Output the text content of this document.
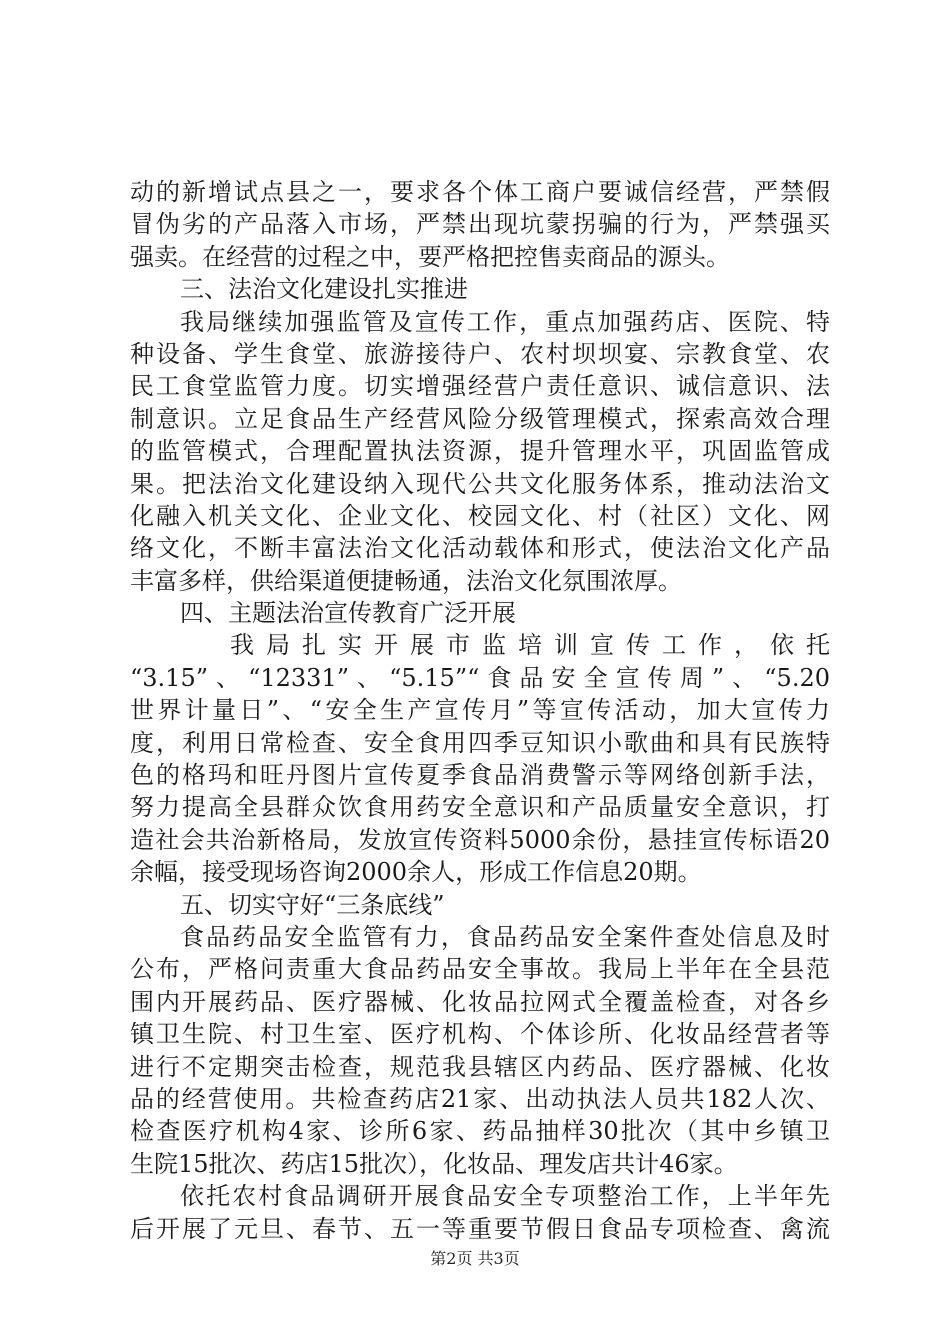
动的新增试点县之一，要求各个体工商户要诚信经营，严禁假
冒伪劣的产品落入市场，严禁出现坑蒙拐骗的行为，严禁强买
强卖。在经营的过程之中，要严格把控售卖商品的源头。
三、法治文化建设扎实推进
我局继续加强监管及宣传工作，重点加强药店、医院、特
种设备、学生食堂、旅游接待户、农村坝坝宴、宗教食堂、农
民工食堂监管力度。切实增强经营户责任意识、诚信意识、法
制意识。立足食品生产经营风险分级管理模式，探索高效合理
的监管模式，合理配置执法资源，提升管理水平，巩固监管成
果。把法治文化建设纳入现代公共文化服务体系，推动法治文
化融入机关文化、企业文化、校园文化、村（社区）文化、网
络文化，不断丰富法治文化活动载体和形式，使法治文化产品
丰富多样，供给渠道便捷畅通，法治文化氛围浓厚。
四、主题法治宣传教育广泛开展
我局扎实开展市监培训宣传工作，依托
“3.15”、“12331”、“5.15”“食品安全宣传周”、“5.20
世界计量日”、“安全生产宣传月”等宣传活动，加大宣传力
度，利用日常检查、安全食用四季豆知识小歌曲和具有民族特
色的格玛和旺丹图片宣传夏季食品消费警示等网络创新手法，
努力提高全县群众饮食用药安全意识和产品质量安全意识，打
造社会共治新格局，发放宣传资料5000余份，悬挂宣传标语20
余幅，接受现场咨询2000余人，形成工作信息20期。
五、切实守好“三条底线”
食品药品安全监管有力，食品药品安全案件查处信息及时
公布，严格问责重大食品药品安全事故。我局上半年在全县范
围内开展药品、医疗器械、化妆品拉网式全覆盖检查，对各乡
镇卫生院、村卫生室、医疗机构、个体诊所、化妆品经营者等
进行不定期突击检查，规范我县辖区内药品、医疗器械、化妆
品的经营使用。共检查药店21家、出动执法人员共182人次、
检查医疗机构4家、诊所6家、药品抽样30批次（其中乡镇卫
生院15批次、药店15批次），化妆品、理发店共计46家。
依托农村食品调研开展食品安全专项整治工作，上半年先
后开展了元旦、春节、五一等重要节假日食品专项检查、禽流
第2页 共3页
